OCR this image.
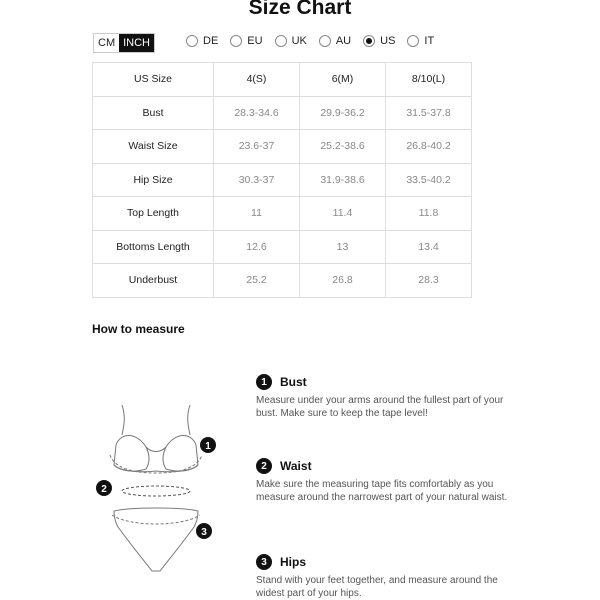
Size Chart
CM INCH	DE	EU	UK	AU	US	IT
US Size	4(S)	6(M)	8/10(L)
Bust	28.3-34.6	29.9-36.2	31.5-37.8
Waist Size	23.6-37	25.2-38.6	26.8-40.2
Hip Size	30.3-37	31.9-38.6	33.5-40.2
Top Length	11	11.4	11.8
Bottoms Length	12.6	13	13.4
Underbust	25.2	26.8	28.3
How to measure
1
2
3
1	Bust
Measure under your arms around the fullest part of your bust. Make sure to keep the tape level!
2	Waist
Make sure the measuring tape fits comfortably as you measure around the narrowest part of your natural waist.
3	Hips
Stand with your feet together, and measure around the widest part of your hips.
